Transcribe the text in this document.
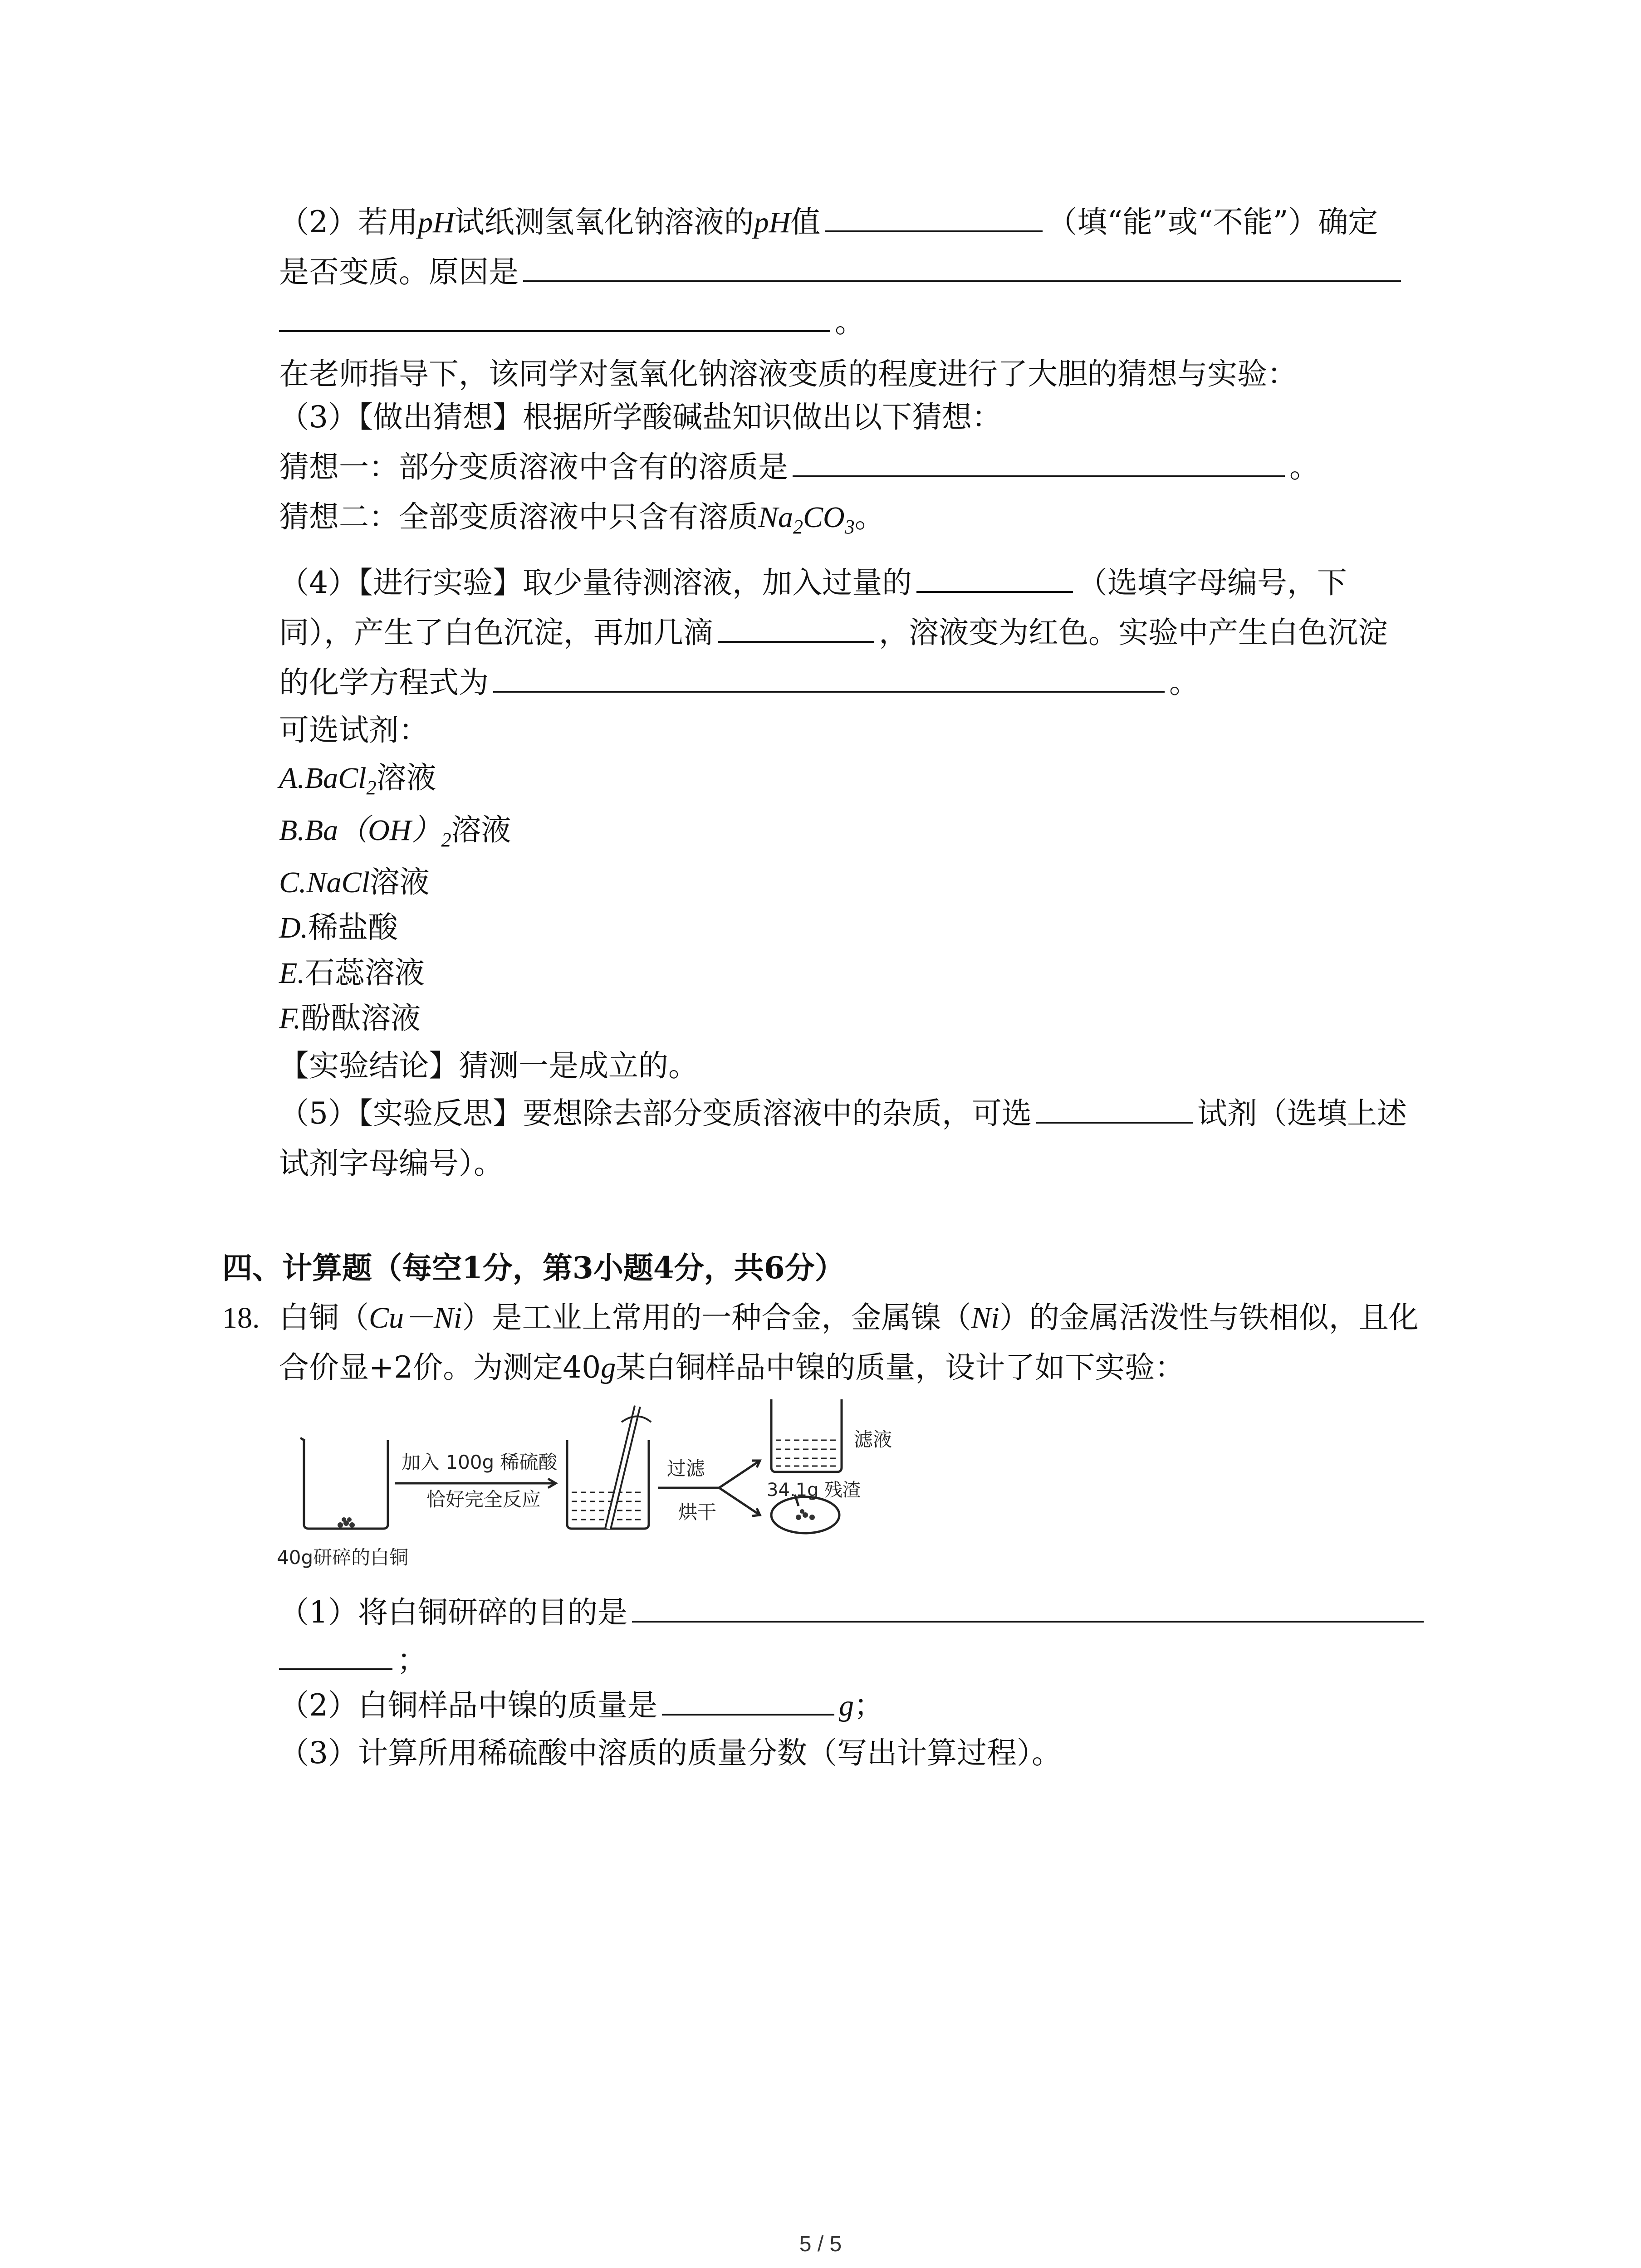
（2）若用pH试纸测氢氧化钠溶液的pH值	（填“能”或“不能”）确定
是否变质。原因是
。
在老师指导下，该同学对氢氧化钠溶液变质的程度进行了大胆的猜想与实验：
（3）【做出猜想】根据所学酸碱盐知识做出以下猜想：
猜想一：部分变质溶液中含有的溶质是	。
猜想二：全部变质溶液中只含有溶质$Na_2CO_3$。
（4）【进行实验】取少量待测溶液，加入过量的	（选填字母编号，下
同），产生了白色沉淀，再加几滴	，溶液变为红色。实验中产生白色沉淀
的化学方程式为	。
可选试剂：
A.BaCl$_2$溶液
$B.Ba(OH)_2$溶液
C.NaCl溶液
D.稀盐酸
E.石蕊溶液
F.酚酞溶液
【实验结论】猜测一是成立的。
（5）【实验反思】要想除去部分变质溶液中的杂质，可选	试剂（选填上述
试剂字母编号）。
四、计算题（每空1分，第3小题4分，共6分）
18. 白铜（Cu－Ni）是工业上常用的一种合金，金属镍（Ni）的金属活泼性与铁相似，且化
合价显+2价。为测定40g某白铜样品中镍的质量，设计了如下实验：
40g研碎的白铜
加入 100g 稀硫酸
恰好完全反应
过滤
滤液
34.1g 残渣
烘干
（1）将白铜研碎的目的是
；
（2）白铜样品中镍的质量是	g；
（3）计算所用稀硫酸中溶质的质量分数（写出计算过程）。
5 / 5
